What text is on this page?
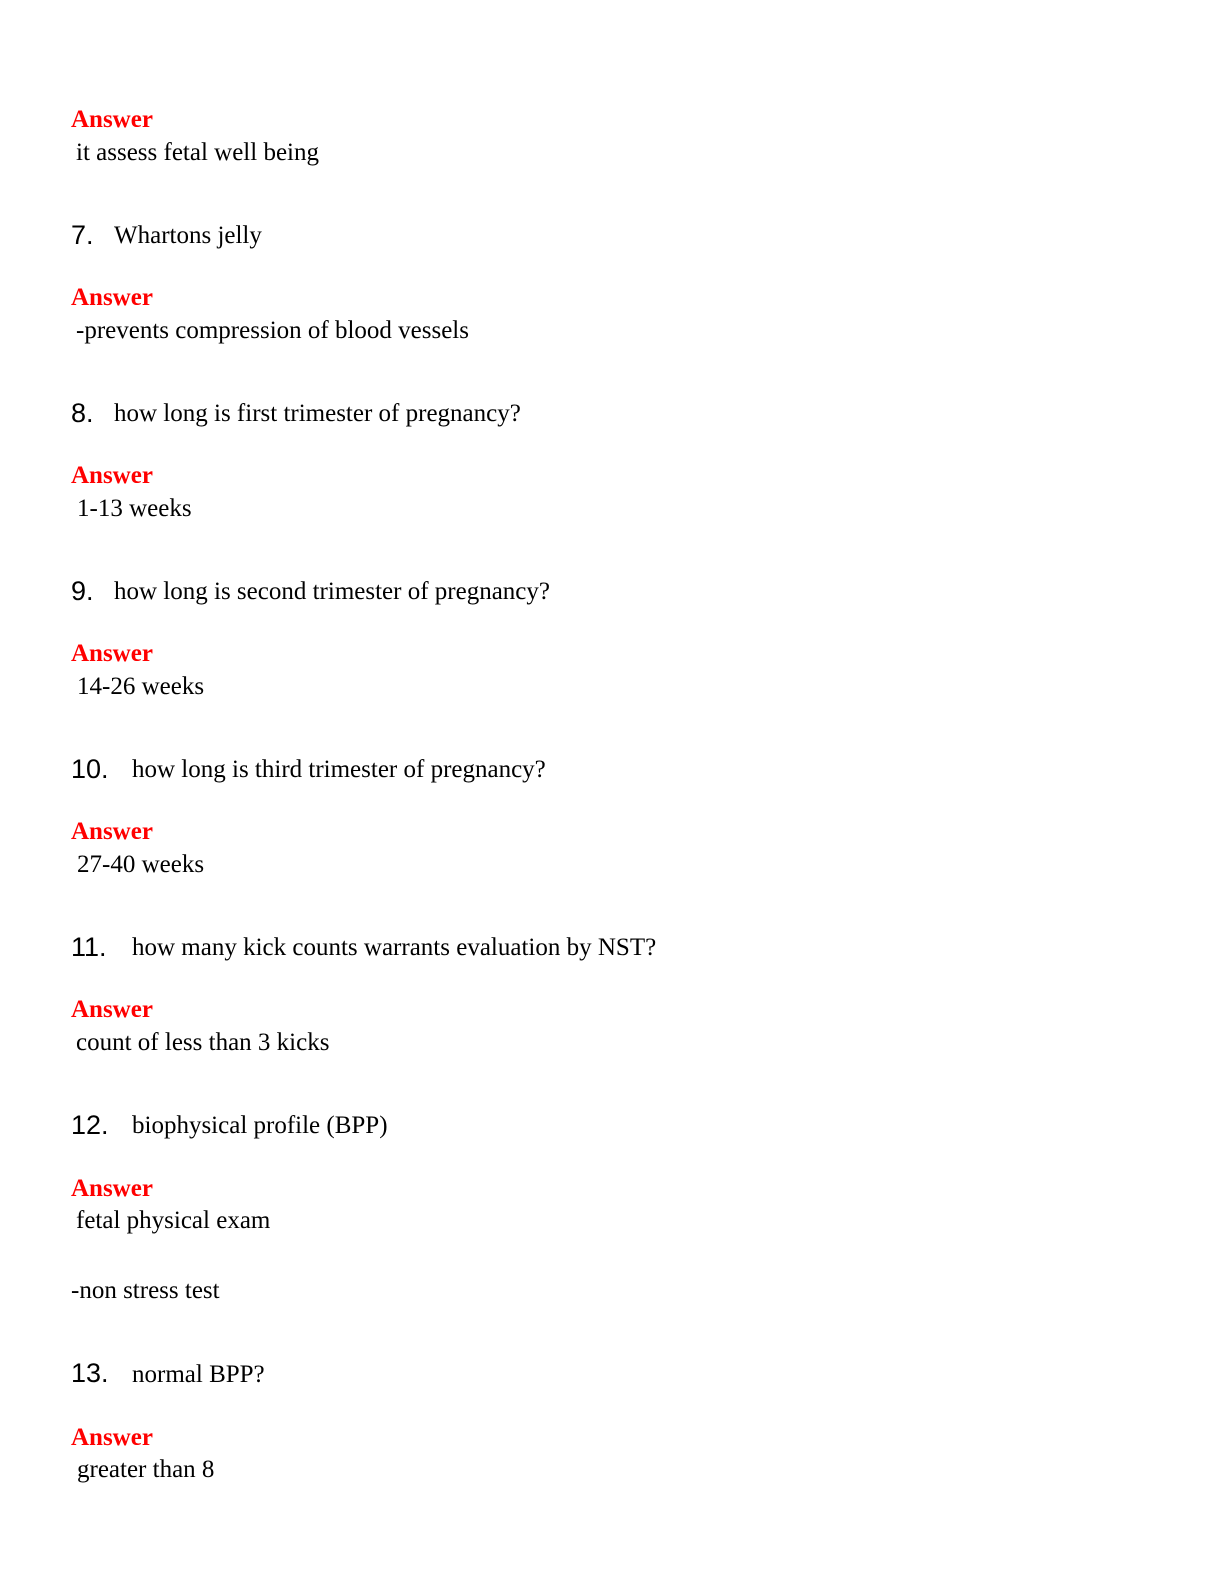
Answer
it assess fetal well being
7. Whartons jelly
Answer
-prevents compression of blood vessels
8. how long is first trimester of pregnancy?
Answer
1-13 weeks
9. how long is second trimester of pregnancy?
Answer
14-26 weeks
10. how long is third trimester of pregnancy?
Answer
27-40 weeks
11. how many kick counts warrants evaluation by NST?
Answer
count of less than 3 kicks
12. biophysical profile (BPP)
Answer
fetal physical exam
-non stress test
13. normal BPP?
Answer
greater than 8
